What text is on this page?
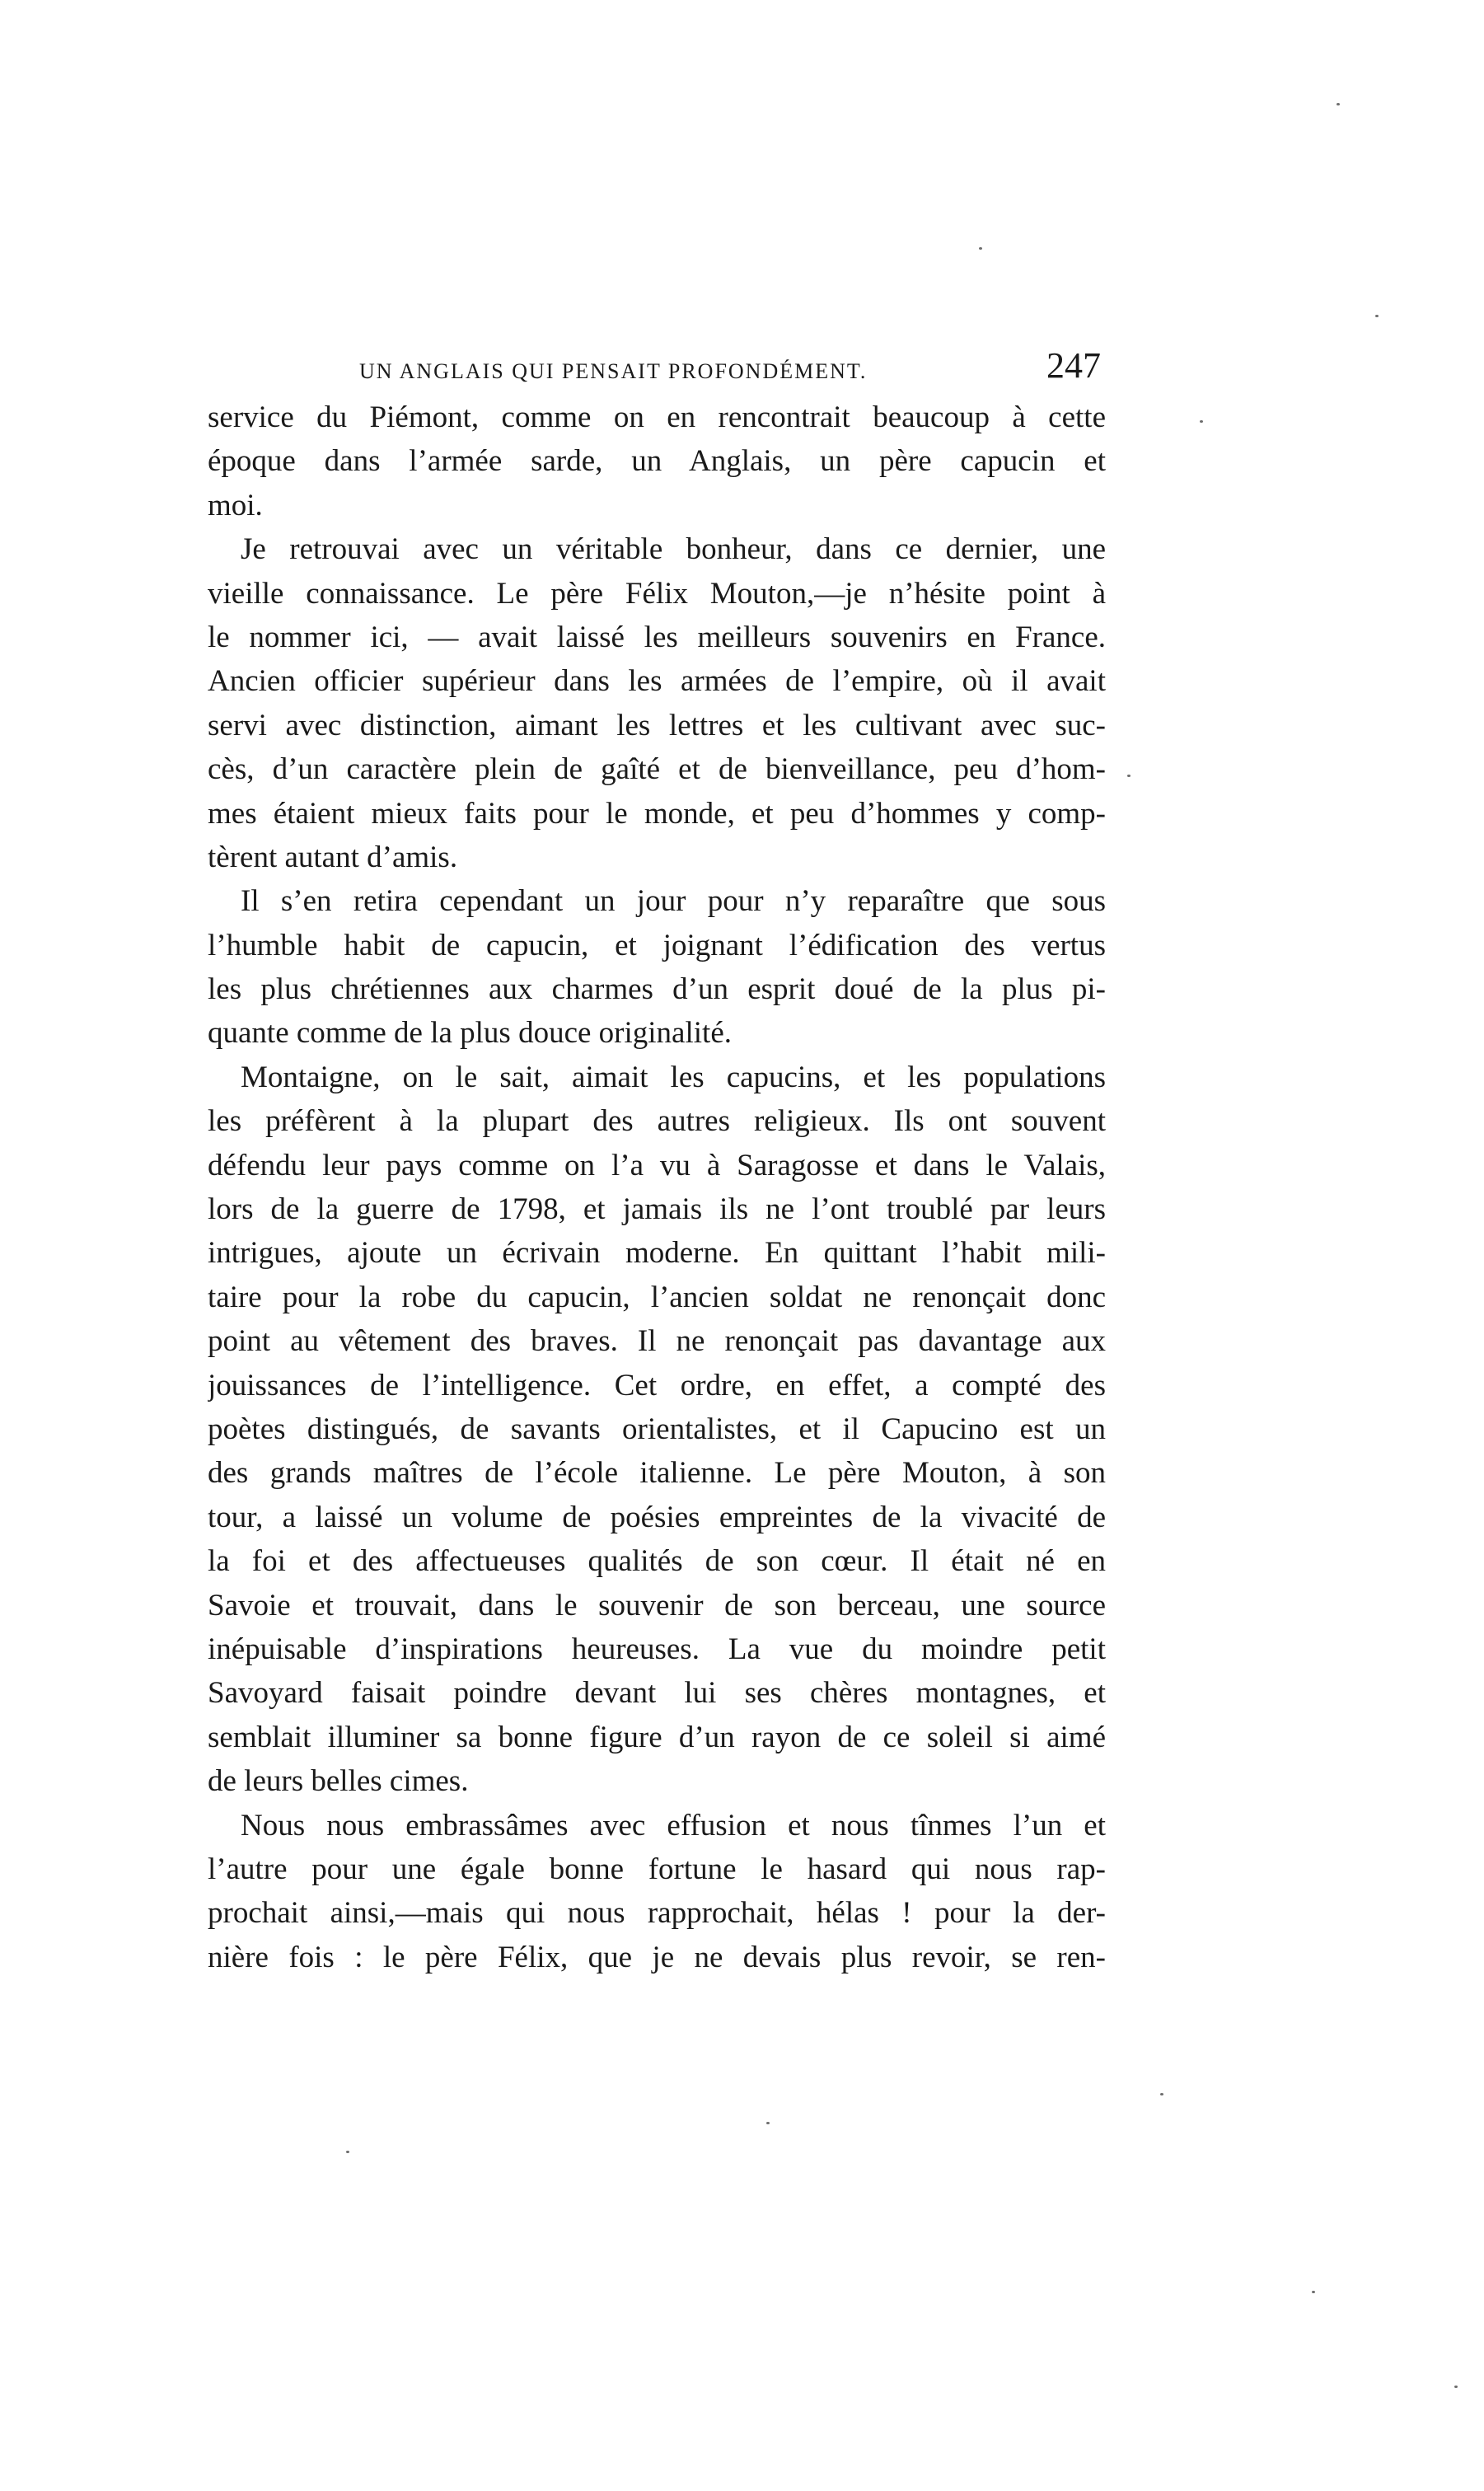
UN ANGLAIS QUI PENSAIT PROFONDÉMENT.	247
service du Piémont, comme on en rencontrait beaucoup à cette
époque dans l’armée sarde, un Anglais, un père capucin et
moi.
Je retrouvai avec un véritable bonheur, dans ce dernier, une
vieille connaissance. Le père Félix Mouton,—je n’hésite point à
le nommer ici, — avait laissé les meilleurs souvenirs en France.
Ancien officier supérieur dans les armées de l’empire, où il avait
servi avec distinction, aimant les lettres et les cultivant avec suc-
cès, d’un caractère plein de gaîté et de bienveillance, peu d’hom-
mes étaient mieux faits pour le monde, et peu d’hommes y comp-
tèrent autant d’amis.
Il s’en retira cependant un jour pour n’y reparaître que sous
l’humble habit de capucin, et joignant l’édification des vertus
les plus chrétiennes aux charmes d’un esprit doué de la plus pi-
quante comme de la plus douce originalité.
Montaigne, on le sait, aimait les capucins, et les populations
les préfèrent à la plupart des autres religieux. Ils ont souvent
défendu leur pays comme on l’a vu à Saragosse et dans le Valais,
lors de la guerre de 1798, et jamais ils ne l’ont troublé par leurs
intrigues, ajoute un écrivain moderne. En quittant l’habit mili-
taire pour la robe du capucin, l’ancien soldat ne renonçait donc
point au vêtement des braves. Il ne renonçait pas davantage aux
jouissances de l’intelligence. Cet ordre, en effet, a compté des
poètes distingués, de savants orientalistes, et il Capucino est un
des grands maîtres de l’école italienne. Le père Mouton, à son
tour, a laissé un volume de poésies empreintes de la vivacité de
la foi et des affectueuses qualités de son cœur. Il était né en
Savoie et trouvait, dans le souvenir de son berceau, une source
inépuisable d’inspirations heureuses. La vue du moindre petit
Savoyard faisait poindre devant lui ses chères montagnes, et
semblait illuminer sa bonne figure d’un rayon de ce soleil si aimé
de leurs belles cimes.
Nous nous embrassâmes avec effusion et nous tînmes l’un et
l’autre pour une égale bonne fortune le hasard qui nous rap-
prochait ainsi,—mais qui nous rapprochait, hélas ! pour la der-
nière fois : le père Félix, que je ne devais plus revoir, se ren-
